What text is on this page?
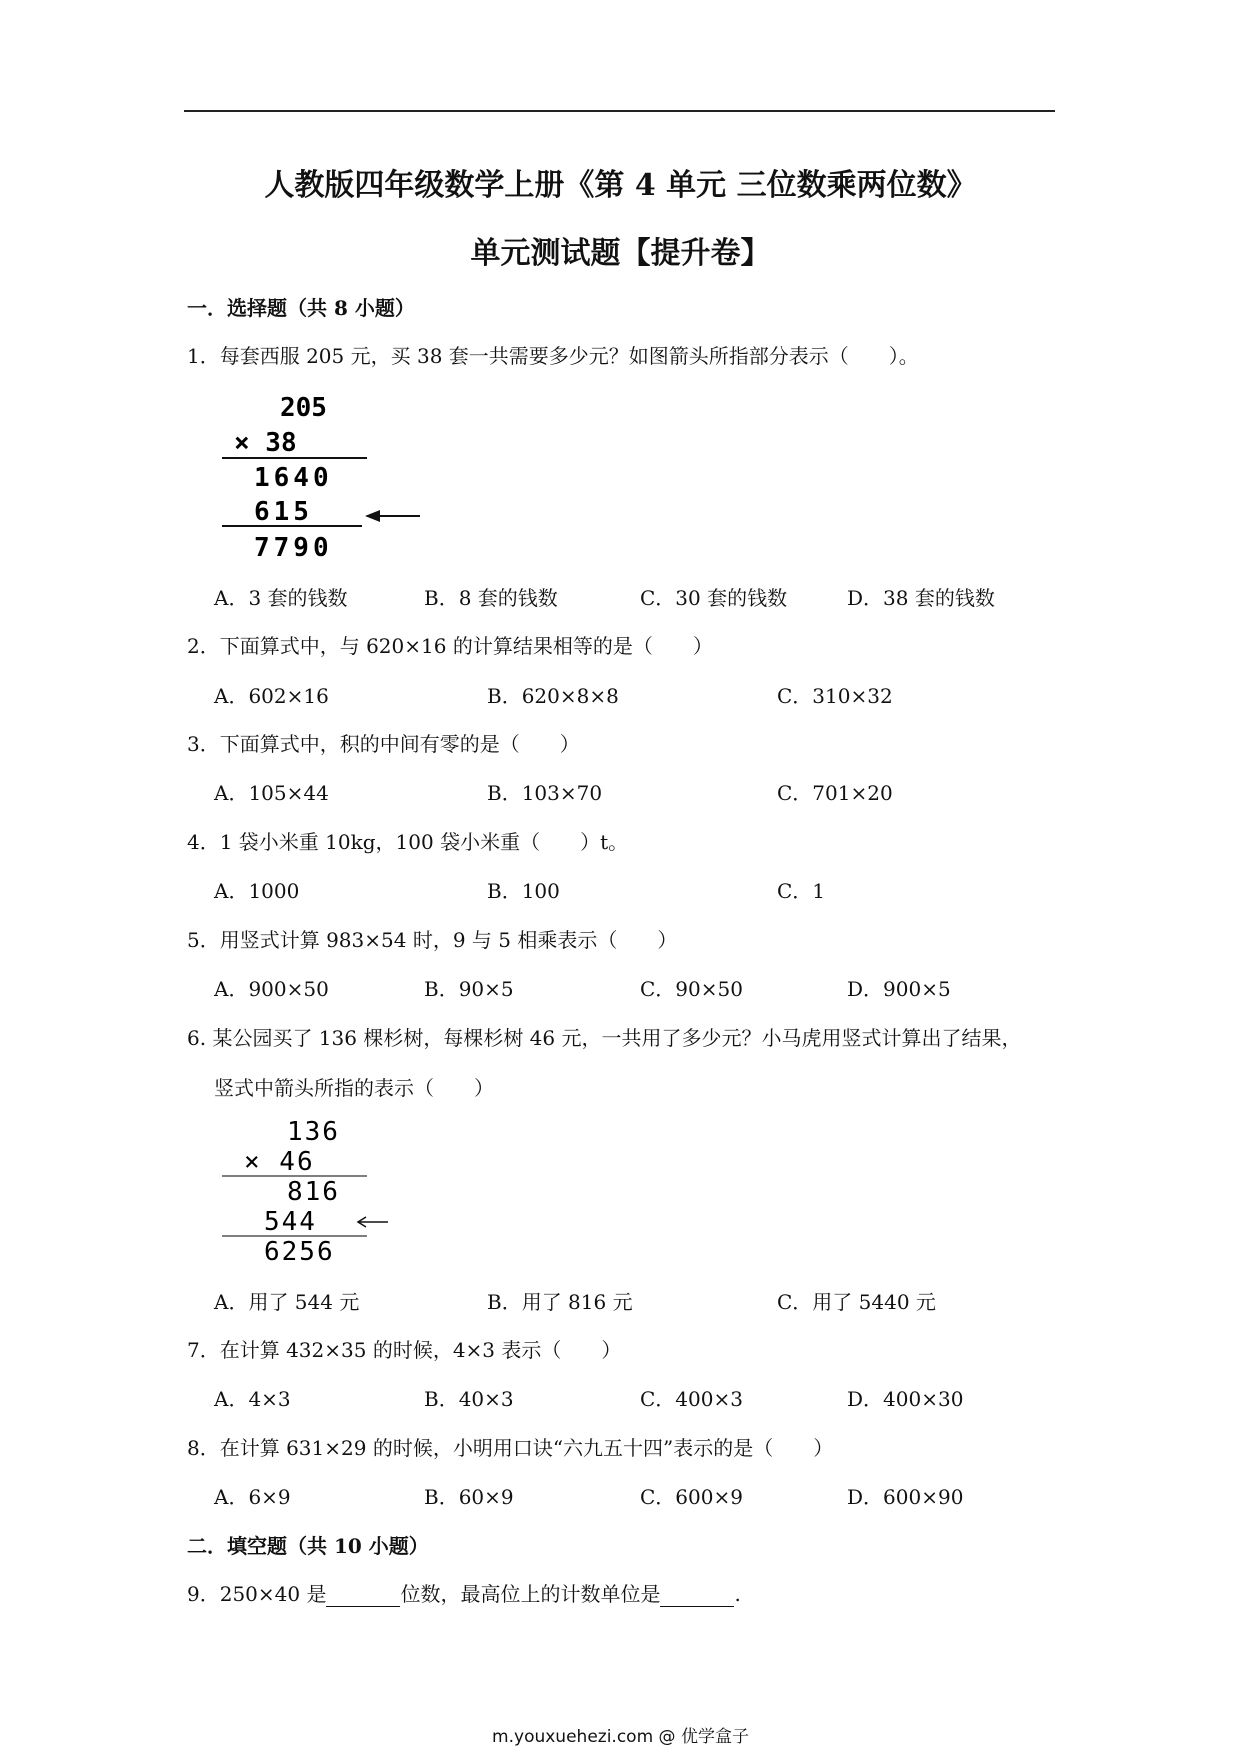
人教版四年级数学上册《第 4 单元 三位数乘两位数》
单元测试题【提升卷】
一．选择题（共 8 小题）
1．每套西服 205 元，买 38 套一共需要多少元？如图箭头所指部分表示（　　）。
205
× 38
1640
615
7790
A．3 套的钱数	B．8 套的钱数	C．30 套的钱数	D．38 套的钱数
2．下面算式中，与 620×16 的计算结果相等的是（　　）
A．602×16	B．620×8×8	C．310×32
3．下面算式中，积的中间有零的是（　　）
A．105×44	B．103×70	C．701×20
4．1 袋小米重 10kg，100 袋小米重（　　）t。
A．1000	B．100	C．1
5．用竖式计算 983×54 时，9 与 5 相乘表示（　　）
A．900×50	B．90×5	C．90×50	D．900×5
6. 某公园买了 136 棵杉树，每棵杉树 46 元，一共用了多少元？小马虎用竖式计算出了结果，
竖式中箭头所指的表示（　　）
136
× 46
816
544
6256
A．用了 544 元	B．用了 816 元	C．用了 5440 元
7．在计算 432×35 的时候，4×3 表示（　　）
A．4×3	B．40×3	C．400×3	D．400×30
8．在计算 631×29 的时候，小明用口诀“六九五十四”表示的是（　　）
A．6×9	B．60×9	C．600×9	D．600×90
二．填空题（共 10 小题）
9．250×40 是	位数，最高位上的计数单位是	.
m.youxuehezi.com @ 优学盒子
